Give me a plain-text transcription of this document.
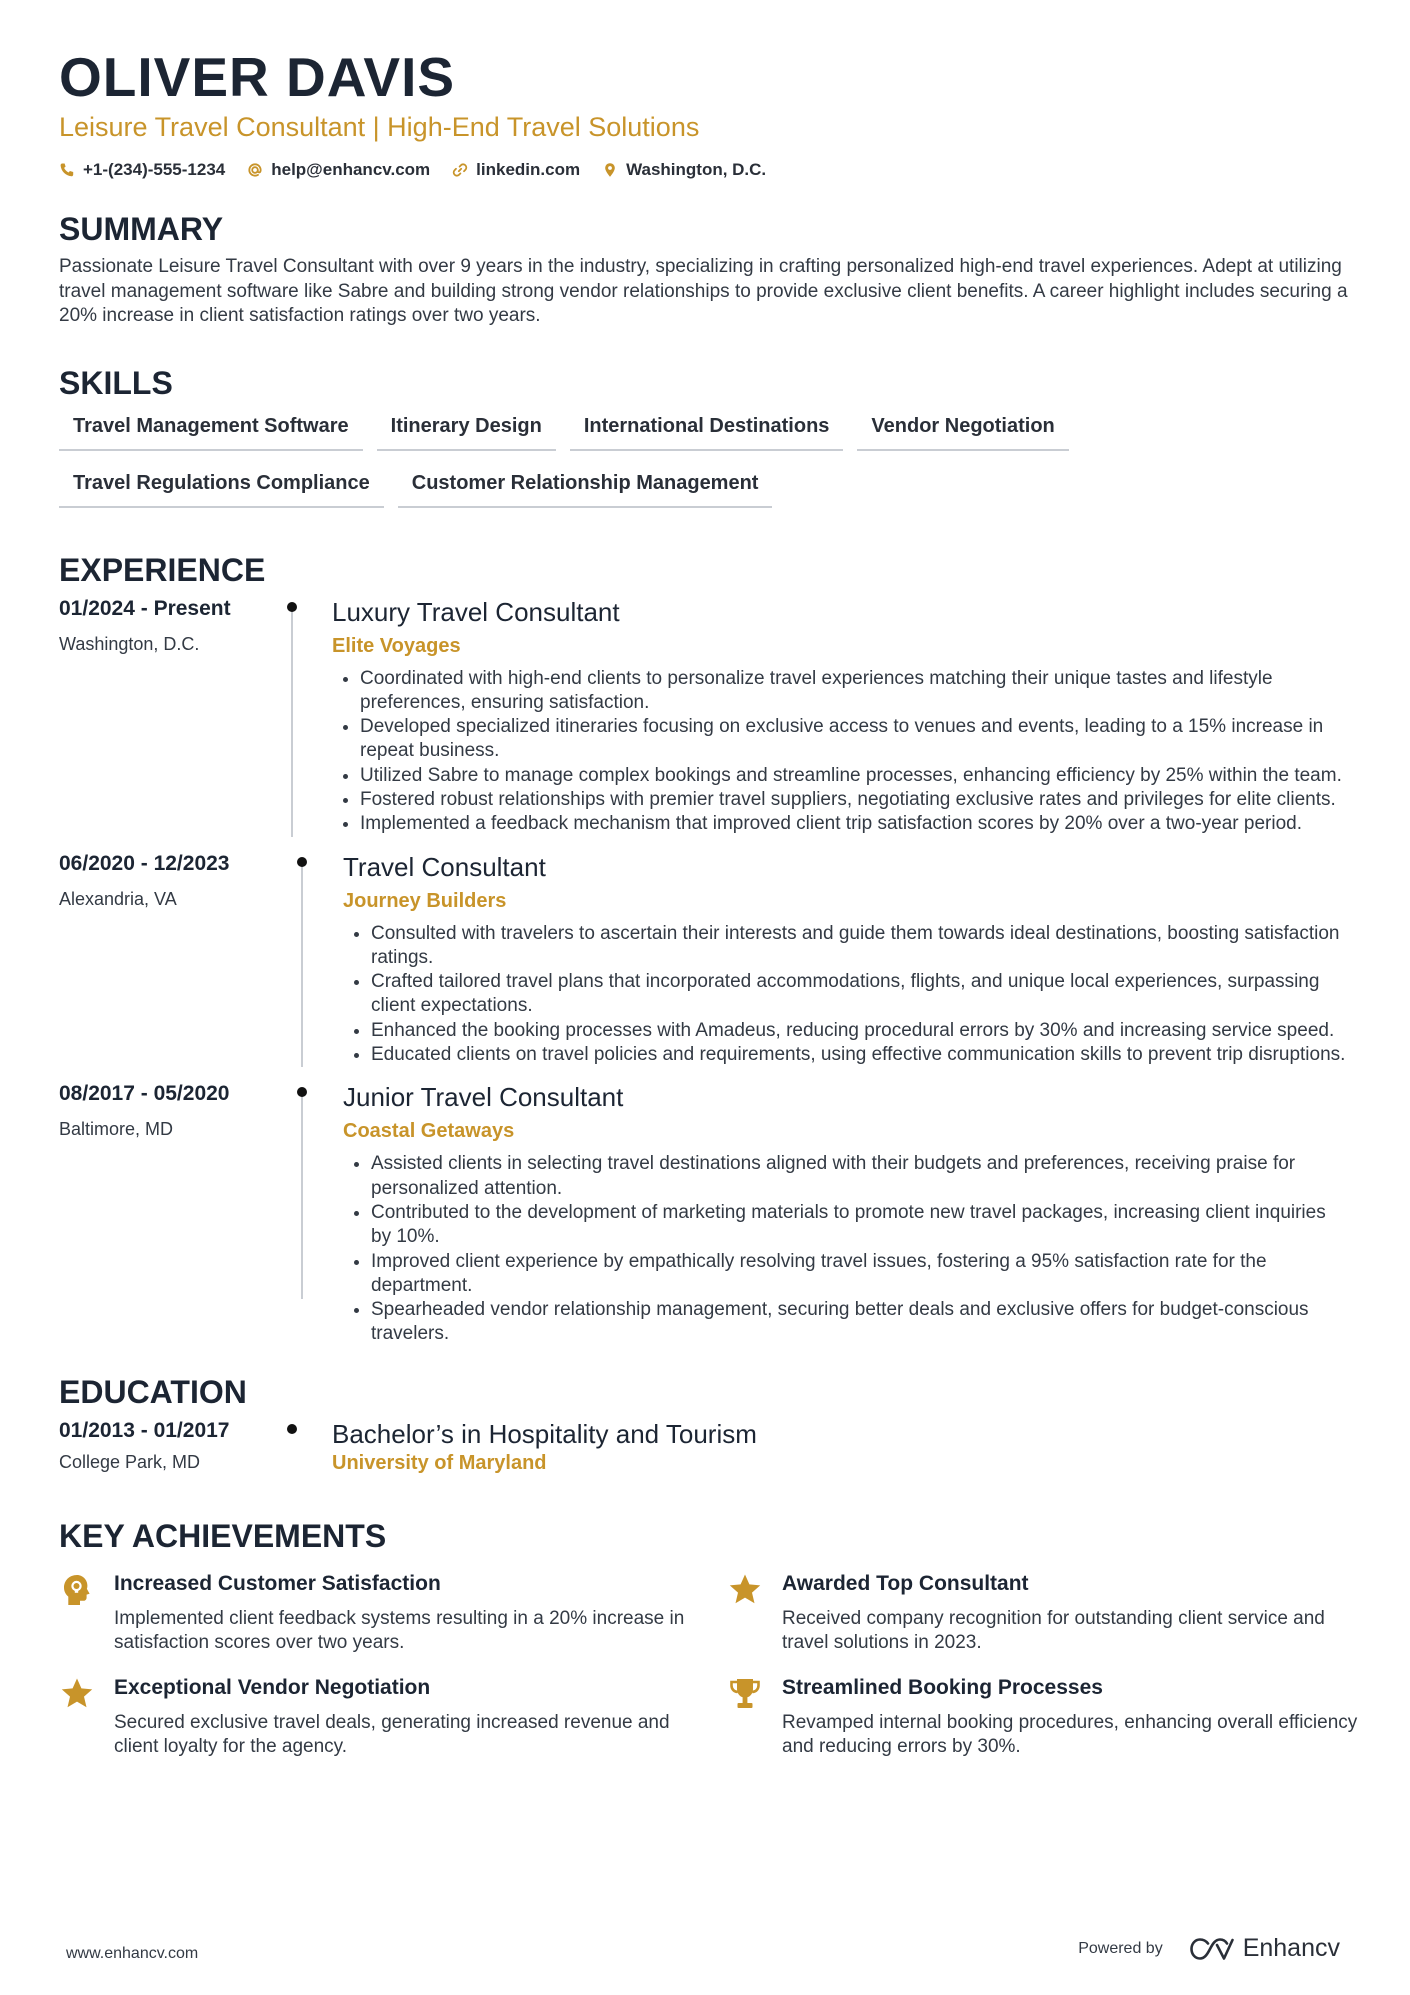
OLIVER DAVIS
Leisure Travel Consultant | High-End Travel Solutions
+1-(234)-555-1234	help@enhancv.com	linkedin.com	Washington, D.C.
SUMMARY
Passionate Leisure Travel Consultant with over 9 years in the industry, specializing in crafting personalized high-end travel experiences. Adept at utilizing travel management software like Sabre and building strong vendor relationships to provide exclusive client benefits. A career highlight includes securing a 20% increase in client satisfaction ratings over two years.
SKILLS
Travel Management Software	Itinerary Design	International Destinations	Vendor Negotiation
Travel Regulations Compliance	Customer Relationship Management
EXPERIENCE
01/2024 - Present
Washington, D.C.
Luxury Travel Consultant
Elite Voyages
• Coordinated with high-end clients to personalize travel experiences matching their unique tastes and lifestyle preferences, ensuring satisfaction.
• Developed specialized itineraries focusing on exclusive access to venues and events, leading to a 15% increase in repeat business.
• Utilized Sabre to manage complex bookings and streamline processes, enhancing efficiency by 25% within the team.
• Fostered robust relationships with premier travel suppliers, negotiating exclusive rates and privileges for elite clients.
• Implemented a feedback mechanism that improved client trip satisfaction scores by 20% over a two-year period.
06/2020 - 12/2023
Alexandria, VA
Travel Consultant
Journey Builders
• Consulted with travelers to ascertain their interests and guide them towards ideal destinations, boosting satisfaction ratings.
• Crafted tailored travel plans that incorporated accommodations, flights, and unique local experiences, surpassing client expectations.
• Enhanced the booking processes with Amadeus, reducing procedural errors by 30% and increasing service speed.
• Educated clients on travel policies and requirements, using effective communication skills to prevent trip disruptions.
08/2017 - 05/2020
Baltimore, MD
Junior Travel Consultant
Coastal Getaways
• Assisted clients in selecting travel destinations aligned with their budgets and preferences, receiving praise for personalized attention.
• Contributed to the development of marketing materials to promote new travel packages, increasing client inquiries by 10%.
• Improved client experience by empathically resolving travel issues, fostering a 95% satisfaction rate for the department.
• Spearheaded vendor relationship management, securing better deals and exclusive offers for budget-conscious travelers.
EDUCATION
01/2013 - 01/2017
College Park, MD
Bachelor’s in Hospitality and Tourism
University of Maryland
KEY ACHIEVEMENTS
Increased Customer Satisfaction
Implemented client feedback systems resulting in a 20% increase in satisfaction scores over two years.
Awarded Top Consultant
Received company recognition for outstanding client service and travel solutions in 2023.
Exceptional Vendor Negotiation
Secured exclusive travel deals, generating increased revenue and client loyalty for the agency.
Streamlined Booking Processes
Revamped internal booking procedures, enhancing overall efficiency and reducing errors by 30%.
www.enhancv.com	Powered by	Enhancv
